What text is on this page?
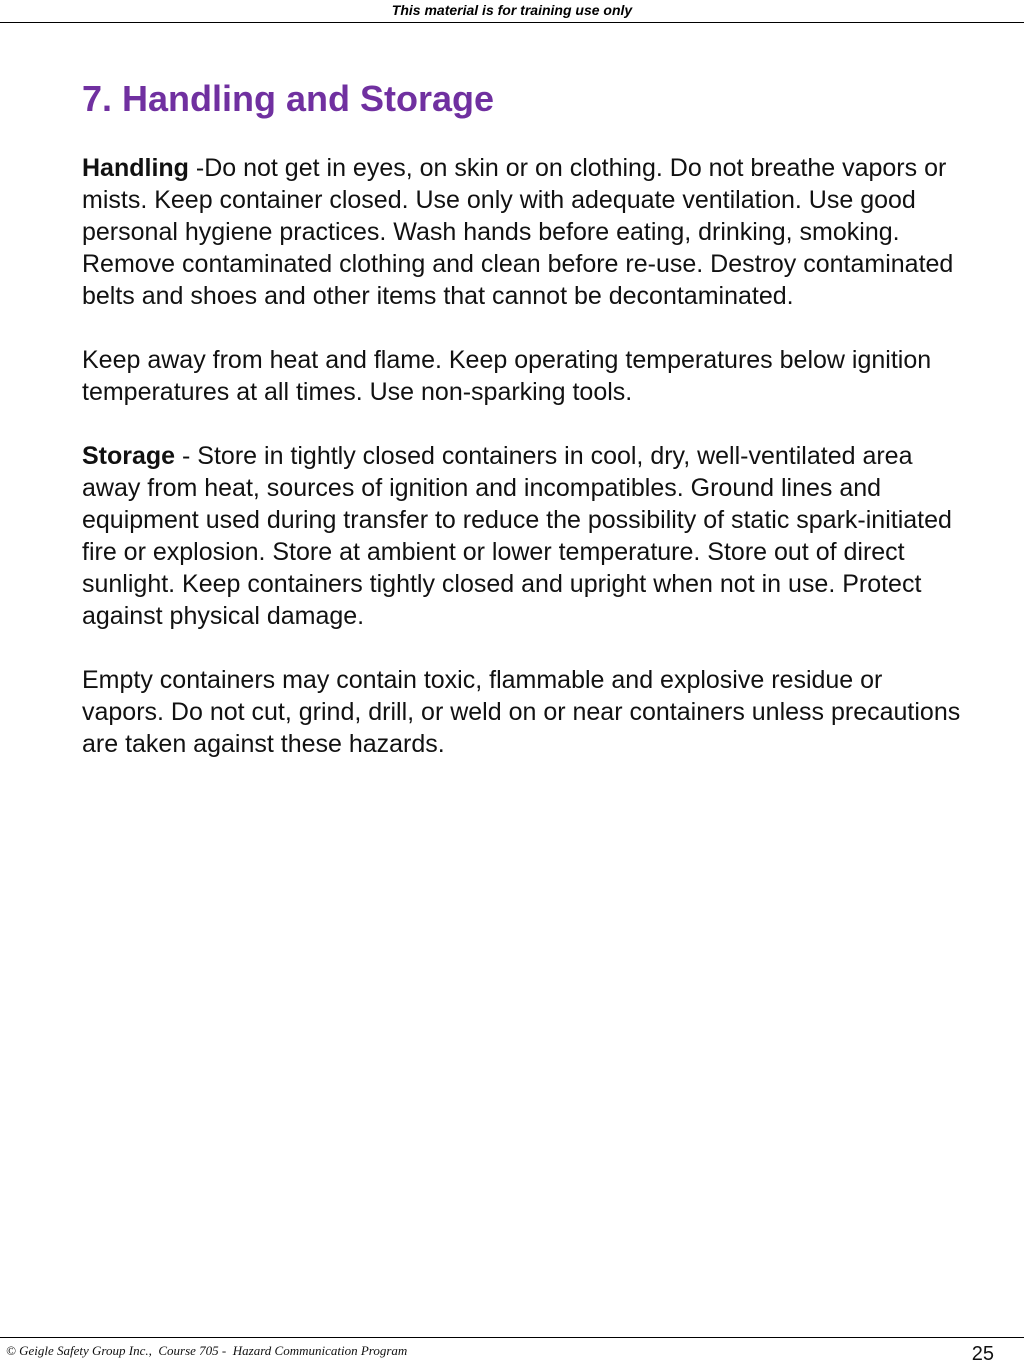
This material is for training use only
7. Handling and Storage

Handling -Do not get in eyes, on skin or on clothing. Do not breathe vapors or mists. Keep container closed. Use only with adequate ventilation. Use good personal hygiene practices. Wash hands before eating, drinking, smoking. Remove contaminated clothing and clean before re-use. Destroy contaminated belts and shoes and other items that cannot be decontaminated.

Keep away from heat and flame. Keep operating temperatures below ignition temperatures at all times. Use non-sparking tools.

Storage - Store in tightly closed containers in cool, dry, well-ventilated area away from heat, sources of ignition and incompatibles. Ground lines and equipment used during transfer to reduce the possibility of static spark-initiated fire or explosion. Store at ambient or lower temperature. Store out of direct sunlight. Keep containers tightly closed and upright when not in use. Protect against physical damage.

Empty containers may contain toxic, flammable and explosive residue or vapors. Do not cut, grind, drill, or weld on or near containers unless precautions are taken against these hazards.

© Geigle Safety Group Inc.,  Course 705 -  Hazard Communication Program	25
